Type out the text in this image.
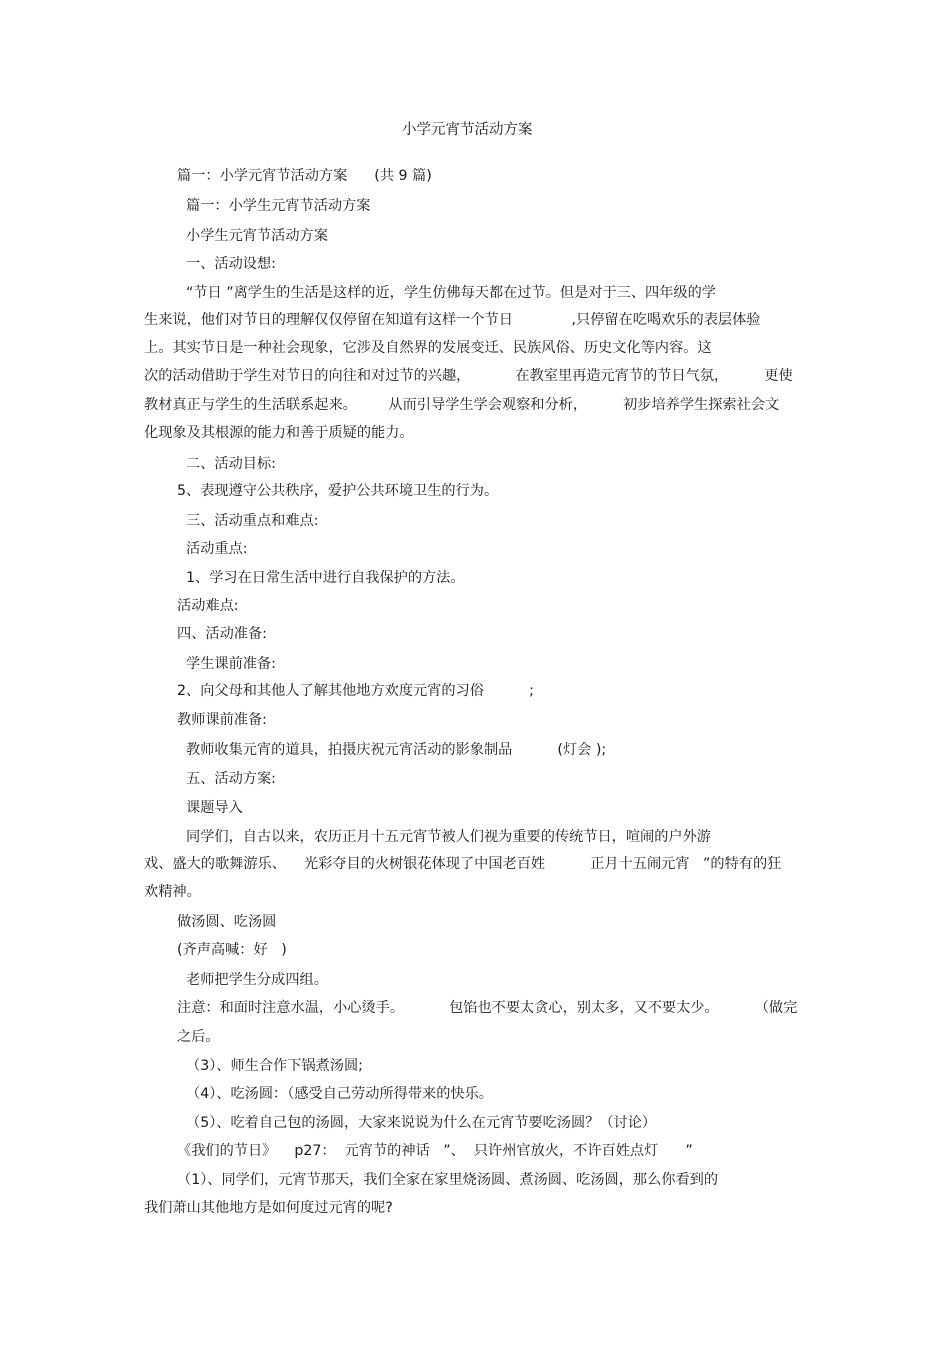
小学元宵节活动方案

篇一：小学元宵节活动方案      (共 9 篇)

篇一：小学生元宵节活动方案

小学生元宵节活动方案

一、活动设想:

“节日 ”离学生的生活是这样的近，学生仿佛每天都在过节。但是对于三、四年级的学

生来说，他们对节日的理解仅仅停留在知道有这样一个节日             ,只停留在吃喝欢乐的表层体验

上。其实节日是一种社会现象，它涉及自然界的发展变迁、民族风俗、历史文化等内容。这

次的活动借助于学生对节日的向往和对过节的兴趣，          在教室里再造元宵节的节日气氛，        更使

教材真正与学生的生活联系起来。       从而引导学生学会观察和分析，        初步培养学生探索社会文

化现象及其根源的能力和善于质疑的能力。

二、活动目标:

5、表现遵守公共秩序，爱护公共环境卫生的行为。

三、活动重点和难点:

活动重点:

1、学习在日常生活中进行自我保护的方法。

活动难点:

四、活动准备:

学生课前准备:

2、向父母和其他人了解其他地方欢度元宵的习俗          ;

教师课前准备:

教师收集元宵的道具，拍摄庆祝元宵活动的影象制品          (灯会 );

五、活动方案:

课题导入

同学们，自古以来，农历正月十五元宵节被人们视为重要的传统节日，喧闹的户外游

戏、盛大的歌舞游乐、    光彩夺目的火树银花体现了中国老百姓          正月十五闹元宵   ”的特有的狂

欢精神。

做汤圆、吃汤圆

(齐声高喊：好   )

老师把学生分成四组。

注意：和面时注意水温，小心烫手。          包馅也不要太贪心，别太多，又不要太少。        （做完

之后。

（3）、师生合作下锅煮汤圆;

（4）、吃汤圆：（感受自己劳动所得带来的快乐。

（5）、吃着自己包的汤圆，大家来说说为什么在元宵节要吃汤圆？（讨论）

《我们的节日》    p27：  元宵节的神话   ”、  只许州官放火，不许百姓点灯      ”

（1）、同学们，元宵节那天，我们全家在家里烧汤圆、煮汤圆、吃汤圆，那么你看到的

我们萧山其他地方是如何度过元宵的呢?
